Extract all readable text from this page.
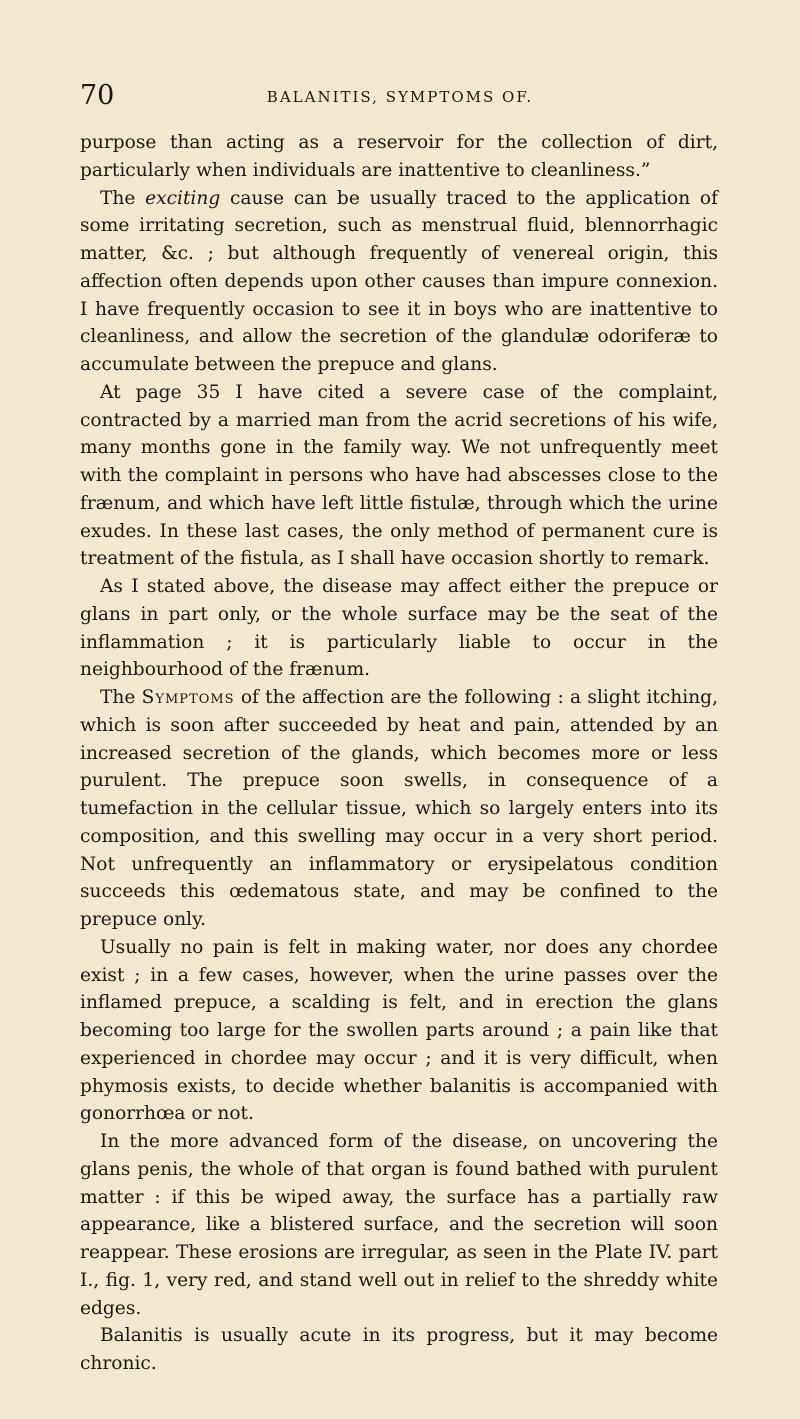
70	BALANITIS, SYMPTOMS OF.

purpose than acting as a reservoir for the collection of dirt, particularly when individuals are inattentive to cleanliness.”

The exciting cause can be usually traced to the application of some irritating secretion, such as menstrual fluid, blennorrhagic matter, &c. ; but although frequently of venereal origin, this affection often depends upon other causes than impure connexion. I have frequently occasion to see it in boys who are inattentive to cleanliness, and allow the secretion of the glandulæ odoriferæ to accumulate between the prepuce and glans.

At page 35 I have cited a severe case of the complaint, contracted by a married man from the acrid secretions of his wife, many months gone in the family way. We not unfrequently meet with the complaint in persons who have had abscesses close to the frænum, and which have left little fistulæ, through which the urine exudes. In these last cases, the only method of permanent cure is treatment of the fistula, as I shall have occasion shortly to remark.

As I stated above, the disease may affect either the prepuce or glans in part only, or the whole surface may be the seat of the inflammation ; it is particularly liable to occur in the neighbourhood of the frænum.

The Symptoms of the affection are the following : a slight itching, which is soon after succeeded by heat and pain, attended by an increased secretion of the glands, which becomes more or less purulent. The prepuce soon swells, in consequence of a tumefaction in the cellular tissue, which so largely enters into its composition, and this swelling may occur in a very short period. Not unfrequently an inflammatory or erysipelatous condition succeeds this œdematous state, and may be confined to the prepuce only.

Usually no pain is felt in making water, nor does any chordee exist ; in a few cases, however, when the urine passes over the inflamed prepuce, a scalding is felt, and in erection the glans becoming too large for the swollen parts around ; a pain like that experienced in chordee may occur ; and it is very difficult, when phymosis exists, to decide whether balanitis is accompanied with gonorrhœa or not.

In the more advanced form of the disease, on uncovering the glans penis, the whole of that organ is found bathed with purulent matter : if this be wiped away, the surface has a partially raw appearance, like a blistered surface, and the secretion will soon reappear. These erosions are irregular, as seen in the Plate IV. part I., fig. 1, very red, and stand well out in relief to the shreddy white edges.

Balanitis is usually acute in its progress, but it may become chronic.
